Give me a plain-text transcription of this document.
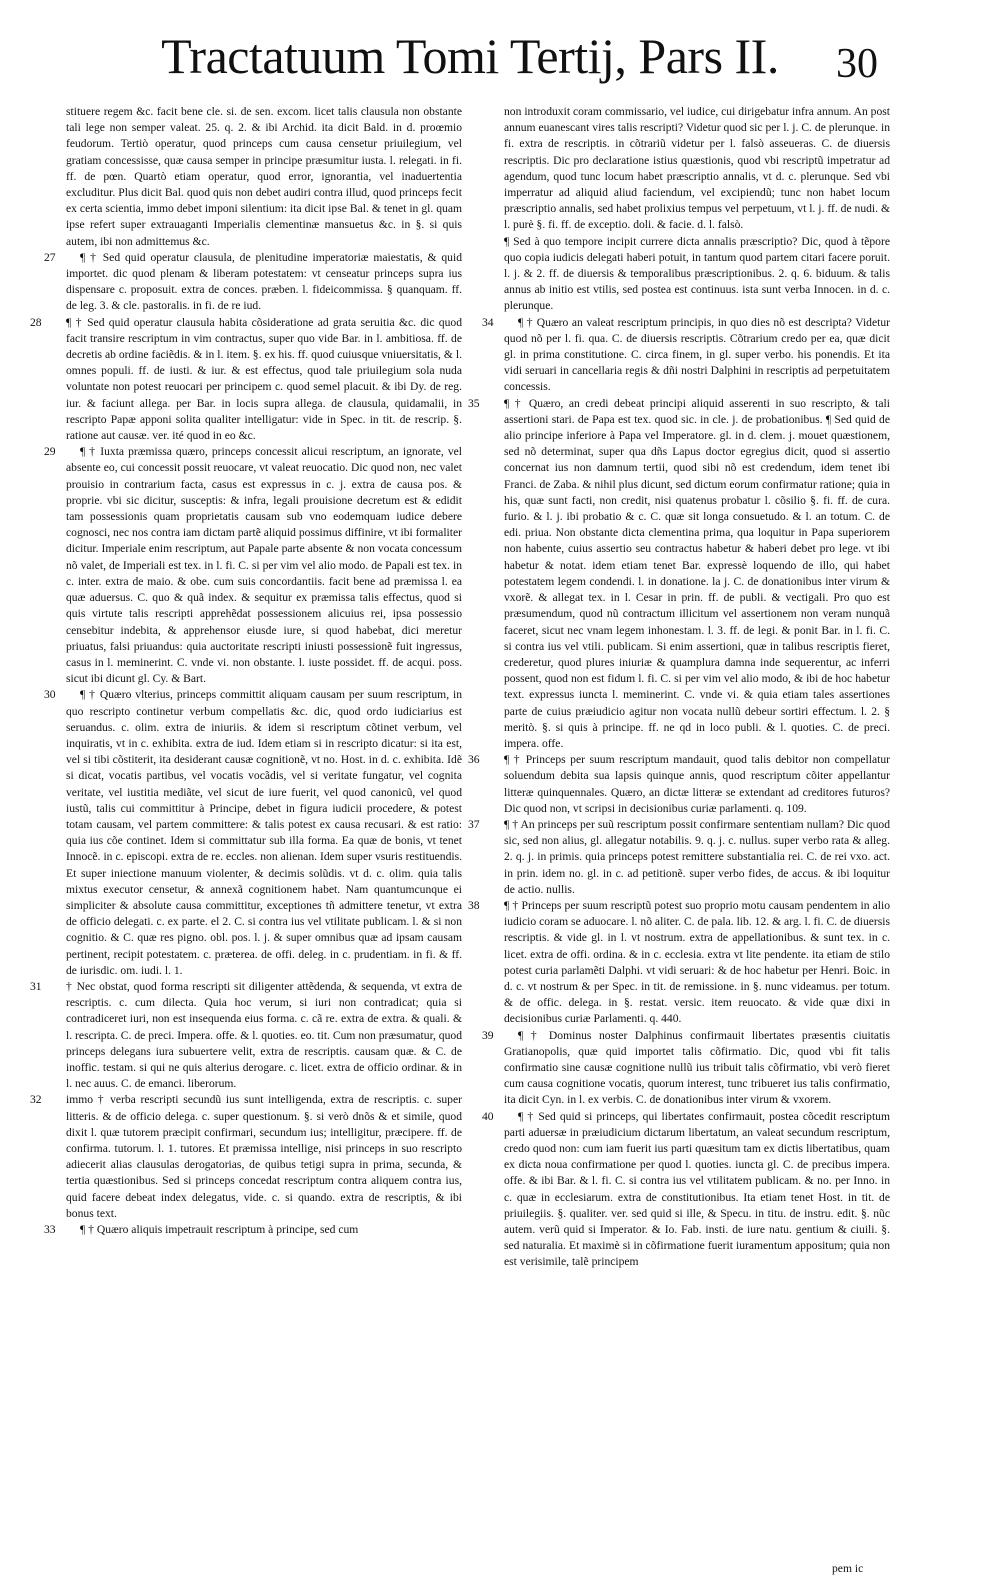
Tractatuum Tomi Tertij, Pars II. 30
stituere regem &c. facit bene cle. si. de sen. excom. licet talis clausula non obstante tali lege non semper valeat. 25. q. 2. & ibi Archid. ita dicit Bald. in d. proœmio feudorum. Tertiò operatur, quod princeps cum causa censetur priuilegium, vel gratiam concessisse, quæ causa semper in principe præsumitur iusta. l. relegati. in fi. ff. de pœn. Quartò etiam operatur, quod error, ignorantia, vel inaduertentia excluditur. Plus dicit Bal. quod quis non debet audiri contra illud, quod princeps fecit ex certa scientia, immo debet imponi silentium: ita dicit ipse Bal. & tenet in gl. quam ipse refert super extrauaganti Imperialis clementinæ mansuetus &c. in §. si quis autem, ibi non admittemus &c.
27 ¶ † Sed quid operatur clausula, de plenitudine imperatoriæ maiestatis, & quid importet. dic quod plenam & liberam potestatem: vt censeatur princeps supra ius dispensare c. proposuit. extra de conces. præben. l. fideicommissa. § quanquam. ff. de leg. 3. & cle. pastoralis. in fi. de re iud.
28 ¶ † Sed quid operatur clausula habita cõsideratione ad grata seruitia &c. dic quod facit transire rescriptum in vim contractus, super quo vide Bar. in l. ambitiosa. ff. de decretis ab ordine faciẽdis. & in l. item. §. ex his. ff. quod cuiusque vniuersitatis, & l. omnes populi. ff. de iusti. & iur. & est effectus, quod tale priuilegium sola nuda voluntate non potest reuocari per principem c. quod semel placuit. & ibi Dy. de reg. iur. & faciunt allega. per Bar. in locis supra allega. de clausula, quidamalii, in rescripto Papæ apponi solita qualiter intelligatur: vide in Spec. in tit. de rescrip. §. ratione aut causæ. ver. ité quod in eo &c.
29 ¶ † Iuxta præmissa quæro, princeps concessit alicui rescriptum, an ignorate, vel absente eo, cui concessit possit reuocare, vt valeat reuocatio. Dic quod non, nec valet prouisio in contrarium facta, casus est expressus in c. j. extra de causa pos. & proprie. vbi sic dicitur, susceptis: & infra, legali prouisione decretum est & edidit tam possessionis quam proprietatis causam sub vno eodemquam iudice debere cognosci, nec nos contra iam dictam partẽ aliquid possimus diffinire, vt ibi formaliter dicitur. Imperiale enim rescriptum, aut Papale parte absente & non vocata concessum nõ valet, de Imperiali est tex. in l. fi. C. si per vim vel alio modo. de Papali est tex. in c. inter. extra de maio. & obe. cum suis concordantiis. facit bene ad præmissa l. ea quæ aduersus. C. quo & quã index. & sequitur ex præmissa talis effectus, quod si quis virtute talis rescripti apprehẽdat possessionem alicuius rei, ipsa possessio censebitur indebita, & apprehensor eiusde iure, si quod habebat, dici meretur priuatus, falsi priuandus: quia auctoritate rescripti iniusti possessionẽ fuit ingressus, casus in l. meminerint. C. vnde vi. non obstante. l. iuste possidet. ff. de acqui. poss. sicut ibi dicunt gl. Cy. & Bart.
30 ¶ † Quæro vlterius, princeps committit aliquam causam per suum rescriptum, in quo rescripto continetur verbum compellatis &c. dic, quod ordo iudiciarius est seruandus. c. olim. extra de iniuriis. & idem si rescriptum cõtinet verbum, vel inquiratis, vt in c. exhibita. extra de iud. Idem etiam si in rescripto dicatur: si ita est, vel si tibi cõstiterit, ita desiderant causæ cognitionẽ, vt no. Host. in d. c. exhibita. Idẽ si dicat, vocatis partibus, vel vocatis vocãdis, vel si veritate fungatur, vel cognita veritate, vel iustitia mediãte, vel sicut de iure fuerit, vel quod canonicũ, vel quod iustũ, talis cui committitur à Principe, debet in figura iudicii procedere, & potest totam causam, vel partem committere: & talis potest ex causa recusari. & est ratio: quia ius cõe continet. Idem si committatur sub illa forma. Ea quæ de bonis, vt tenet Innocẽ. in c. episcopi. extra de re. eccles. non alienan. Idem super vsuris restituendis. Et super iniectione manuum violenter, & decimis solũdis. vt d. c. olim. quia talis mixtus executor censetur, & annexã cognitionem habet. Nam quantumcunque ei simpliciter & absolute causa committitur, exceptiones tñ admittere tenetur, vt extra de officio delegati. c. ex parte. el 2. C. si contra ius vel vtilitate publicam. l. & si non cognitio. & C. quæ res pigno. obl. pos. l. j. & super omnibus quæ ad ipsam causam pertinent, recipit potestatem. c. præterea. de offi. deleg. in c. prudentiam. in fi. & ff. de iurisdic. om. iudi. l. 1.
31 † Nec obstat, quod forma rescripti sit diligenter attẽdenda, & sequenda, vt extra de rescriptis. c. cum dilecta. Quia hoc verum, si iuri non contradicat; quia si contradiceret iuri, non est insequenda eius forma. c. cã re. extra de extra. & quali. & l. rescripta. C. de preci. Impera. offe. & l. quoties. eo. tit. Cum non præsumatur, quod princeps delegans iura subuertere velit, extra de rescriptis. causam quæ. & C. de inoffic. testam. si qui ne quis alterius derogare. c. licet. extra de officio ordinar. & in l. nec auus. C. de emanci. liberorum.
32 immo † verba rescripti secundũ ius sunt intelligenda, extra de rescriptis. c. super litteris. & de officio delega. c. super questionum. §. si verò dnõs & et simile, quod dixit l. quæ tutorem præcipit confirmari, secundum ius; intelligitur, præcipere. ff. de confirma. tutorum. l. 1. tutores. Et præmissa intellige, nisi princeps in suo rescripto adiecerit alias clausulas derogatorias, de quibus tetigi supra in prima, secunda, & tertia quæstionibus. Sed si princeps concedat rescriptum contra aliquem contra ius, quid facere debeat index delegatus, vide. c. si quando. extra de rescriptis, & ibi bonus text.
33 ¶ † Quæro aliquis impetrauit rescriptum à principe, sed cum
non introduxit coram commissario, vel iudice, cui dirigebatur infra annum. An post annum euanescant vires talis rescripti? Videtur quod sic per l. j. C. de plerunque. in fi. extra de rescriptis. in cõtrariũ videtur per l. falsò asseueras. C. de diuersis rescriptis. Dic pro declaratione istius quæstionis, quod vbi rescriptũ impetratur ad agendum, quod tunc locum habet præscriptio annalis, vt d. c. plerunque. Sed vbi imperratur ad aliquid aliud faciendum, vel excipiendũ; tunc non habet locum præscriptio annalis, sed habet prolixius tempus vel perpetuum, vt l. j. ff. de nudi. & l. purè §. fi. ff. de exceptio. doli. & facie. d. l. falsò.
¶ Sed à quo tempore incipit currere dicta annalis præscriptio? Dic, quod à tẽpore quo copia iudicis delegati haberi potuit, in tantum quod partem citari facere poruit. l. j. & 2. ff. de diuersis & temporalibus præscriptionibus. 2. q. 6. biduum. & talis annus ab initio est vtilis, sed postea est continuus. ista sunt verba Innocen. in d. c. plerunque.
34 ¶ † Quæro an valeat rescriptum principis, in quo dies nõ est descripta? Videtur quod nõ per l. fi. qua. C. de diuersis rescriptis. Cõtrarium credo per ea, quæ dicit gl. in prima constitutione. C. circa finem, in gl. super verbo. his ponendis. Et ita vidi seruari in cancellaria regis & dñi nostri Dalphini in rescriptis ad perpetuitatem concessis.
35 ¶ † Quæro, an credi debeat principi aliquid asserenti in suo rescripto, & tali assertioni stari. de Papa est tex. quod sic. in cle. j. de probationibus. ¶ Sed quid de alio principe inferiore à Papa vel Imperatore. gl. in d. clem. j. mouet quæstionem, sed nõ determinat, super qua dñs Lapus doctor egregius dicit, quod si assertio concernat ius non damnum tertii, quod sibi nõ est credendum, idem tenet ibi Franci. de Zaba. & nihil plus dicunt, sed dictum eorum confirmatur ratione; quia in his, quæ sunt facti, non credit, nisi quatenus probatur l. cõsilio §. fi. ff. de cura. furio. & l. j. ibi probatio & c. C. quæ sit longa consuetudo. & l. an totum. C. de edi. priua. Non obstante dicta clementina prima, qua loquitur in Papa superiorem non habente, cuius assertio seu contractus habetur & haberi debet pro lege. vt ibi habetur & notat. idem etiam tenet Bar. expressè loquendo de illo, qui habet potestatem legem condendi. l. in donatione. la j. C. de donationibus inter virum & vxorẽ. & allegat tex. in l. Cesar in prin. ff. de publi. & vectigali. Pro quo est præsumendum, quod nũ contractum illicitum vel assertionem non veram nunquã faceret, sicut nec vnam legem inhonestam. l. 3. ff. de legi. & ponit Bar. in l. fi. C. si contra ius vel vtili. publicam. Si enim assertioni, quæ in talibus rescriptis fieret, crederetur, quod plures iniuriæ & quamplura damna inde sequerentur, ac inferri possent, quod non est fidum l. fi. C. si per vim vel alio modo, & ibi de hoc habetur text. expressus iuncta l. meminerint. C. vnde vi. & quia etiam tales assertiones parte de cuius præiudicio agitur non vocata nullũ debeur sortiri effectum. l. 2. § meritò. §. si quis à principe. ff. ne qd in loco publi. & l. quoties. C. de preci. impera. offe.
36 ¶ † Princeps per suum rescriptum mandauit, quod talis debitor non compellatur soluendum debita sua lapsis quinque annis, quod rescriptum cõiter appellantur litteræ quinquennales. Quæro, an dictæ litteræ se extendant ad creditores futuros? Dic quod non, vt scripsi in decisionibus curiæ parlamenti. q. 109.
37 ¶ † An princeps per suũ rescriptum possit confirmare sententiam nullam? Dic quod sic, sed non alius, gl. allegatur notabilis. 9. q. j. c. nullus. super verbo rata & alleg. 2. q. j. in primis. quia princeps potest remittere substantialia rei. C. de rei vxo. act. in prin. idem no. gl. in c. ad petitionẽ. super verbo fides, de accus. & ibi loquitur de actio. nullis.
38 ¶ † Princeps per suum rescriptũ potest suo proprio motu causam pendentem in alio iudicio coram se aduocare. l. nõ aliter. C. de pala. lib. 12. & arg. l. fi. C. de diuersis rescriptis. & vide gl. in l. vt nostrum. extra de appellationibus. & sunt tex. in c. licet. extra de offi. ordina. & in c. ecclesia. extra vt lite pendente. ita etiam de stilo potest curia parlamẽti Dalphi. vt vidi seruari: & de hoc habetur per Henri. Boic. in d. c. vt nostrum & per Spec. in tit. de remissione. in §. nunc videamus. per totum. & de offic. delega. in §. restat. versic. item reuocato. & vide quæ dixi in decisionibus curiæ Parlamenti. q. 440.
39 ¶ † Dominus noster Dalphinus confirmauit libertates præsentis ciuitatis Gratianopolis, quæ quid importet talis cõfirmatio. Dic, quod vbi fit talis confirmatio sine causæ cognitione nullũ ius tribuit talis cõfirmatio, vbi verò fieret cum causa cognitione vocatis, quorum interest, tunc tribueret ius talis confirmatio, ita dicit Cyn. in l. ex verbis. C. de donationibus inter virum & vxorem.
40 ¶ † Sed quid si princeps, qui libertates confirmauit, postea cõcedit rescriptum parti aduersæ in præiudicium dictarum libertatum, an valeat secundum rescriptum, credo quod non: cum iam fuerit ius parti quæsitum tam ex dictis libertatibus, quam ex dicta noua confirmatione per quod l. quoties. iuncta gl. C. de precibus impera. offe. & ibi Bar. & l. fi. C. si contra ius vel vtilitatem publicam. & no. per Inno. in c. quæ in ecclesiarum. extra de constitutionibus. Ita etiam tenet Host. in tit. de priuilegiis. §. qualiter. ver. sed quid si ille, & Specu. in titu. de instru. edit. §. nũc autem. verũ quid si Imperator. & Io. Fab. insti. de iure natu. gentium & ciuili. §. sed naturalia. Et maximè si in cõfirmatione fuerit iuramentum appositum; quia non est verisimile, talẽ principem
pem ic
